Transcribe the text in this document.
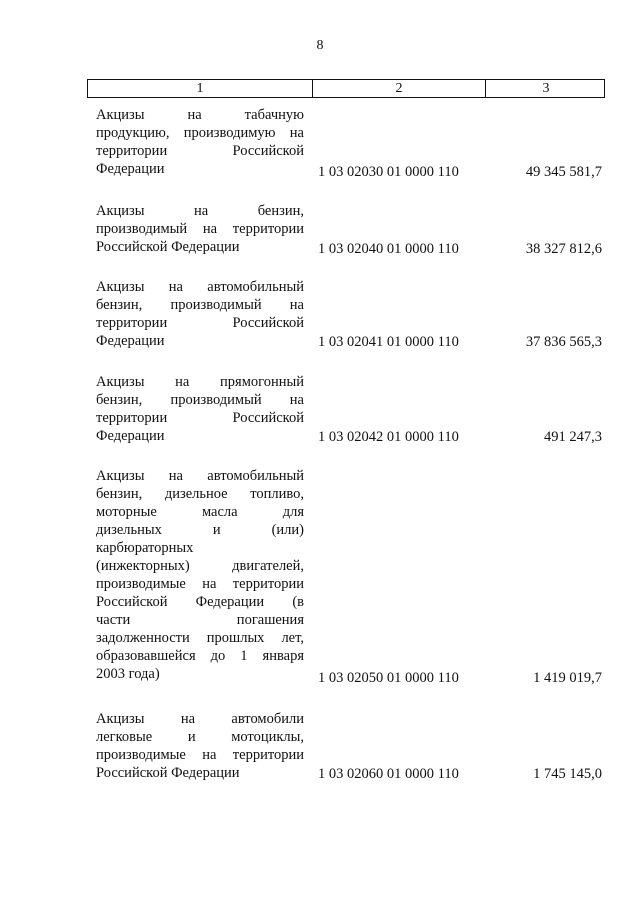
8
1	2	3
Акцизы на табачную
продукцию, производимую на
территории Российской
Федерации	1 03 02030 01 0000 110	49 345 581,7
Акцизы на бензин,
производимый на территории
Российской Федерации	1 03 02040 01 0000 110	38 327 812,6
Акцизы на автомобильный
бензин, производимый на
территории Российской
Федерации	1 03 02041 01 0000 110	37 836 565,3
Акцизы на прямогонный
бензин, производимый на
территории Российской
Федерации	1 03 02042 01 0000 110	491 247,3
Акцизы на автомобильный
бензин, дизельное топливо,
моторные масла для
дизельных и (или)
карбюраторных
(инжекторных) двигателей,
производимые на территории
Российской Федерации (в
части погашения
задолженности прошлых лет,
образовавшейся до 1 января
2003 года)	1 03 02050 01 0000 110	1 419 019,7
Акцизы на автомобили
легковые и мотоциклы,
производимые на территории
Российской Федерации	1 03 02060 01 0000 110	1 745 145,0
